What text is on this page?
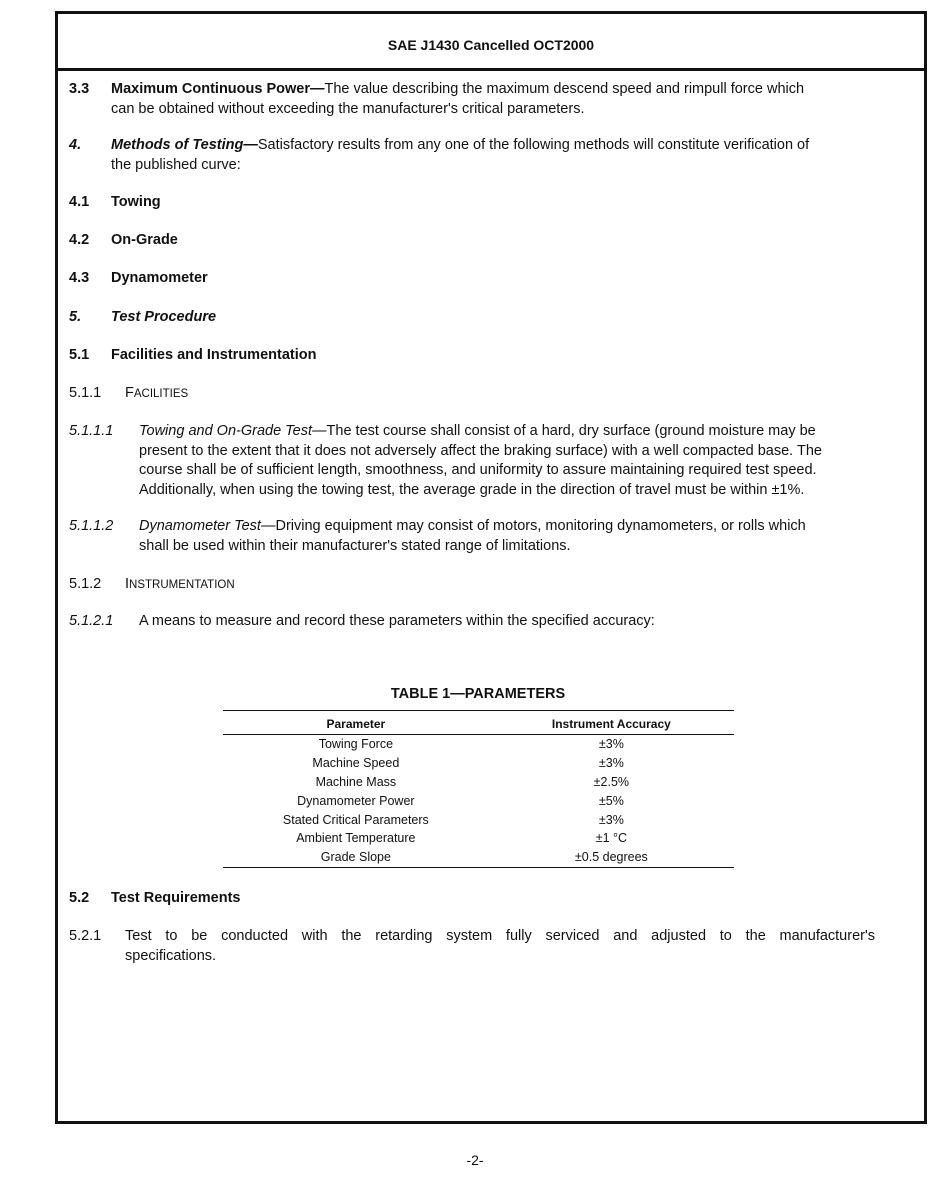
SAE J1430 Cancelled OCT2000
3.3 Maximum Continuous Power—The value describing the maximum descend speed and rimpull force which
can be obtained without exceeding the manufacturer's critical parameters.
4. Methods of Testing—Satisfactory results from any one of the following methods will constitute verification of
the published curve:
4.1 Towing
4.2 On-Grade
4.3 Dynamometer
5. Test Procedure
5.1 Facilities and Instrumentation
5.1.1 FACILITIES
5.1.1.1 Towing and On-Grade Test—The test course shall consist of a hard, dry surface (ground moisture may be
present to the extent that it does not adversely affect the braking surface) with a well compacted base. The
course shall be of sufficient length, smoothness, and uniformity to assure maintaining required test speed.
Additionally, when using the towing test, the average grade in the direction of travel must be within ±1%.
5.1.1.2 Dynamometer Test—Driving equipment may consist of motors, monitoring dynamometers, or rolls which
shall be used within their manufacturer's stated range of limitations.
5.1.2 INSTRUMENTATION
5.1.2.1 A means to measure and record these parameters within the specified accuracy:
TABLE 1—PARAMETERS
Parameter	Instrument Accuracy
Towing Force	±3%
Machine Speed	±3%
Machine Mass	±2.5%
Dynamometer Power	±5%
Stated Critical Parameters	±3%
Ambient Temperature	±1 °C
Grade Slope	±0.5 degrees
5.2 Test Requirements
5.2.1 Test to be conducted with the retarding system fully serviced and adjusted to the manufacturer's
specifications.
-2-
